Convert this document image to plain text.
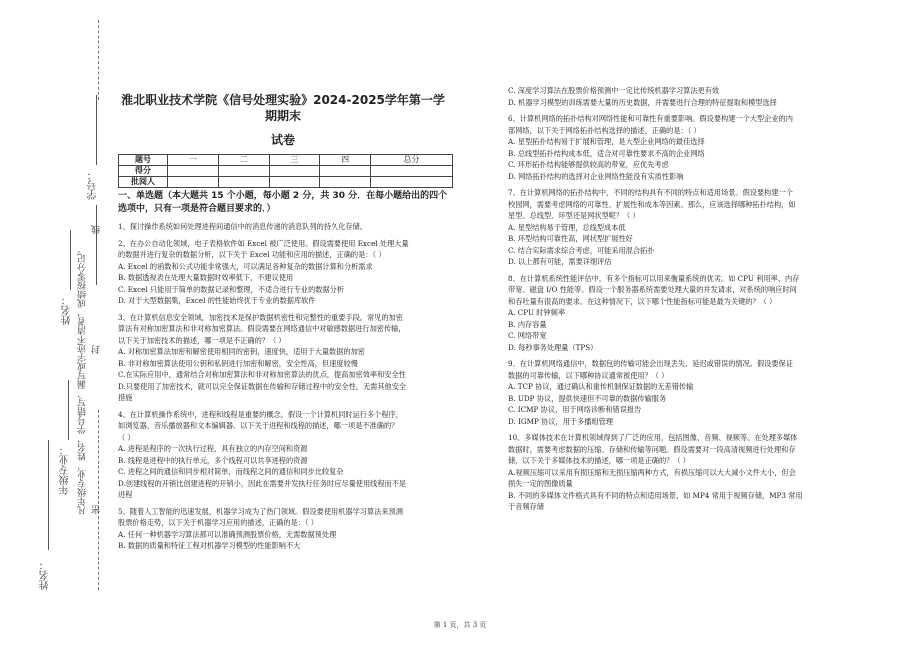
学号：
姓名：
年级专业： 凡年级专业、姓名、学号错写、漏写或字迹不清者，成绩按零分记。
线
封
密
姓名：
淮北职业技术学院《信号处理实验》2024-2025学年第一学期期末
试卷
题号	一	二	三	四	总分
得分					
批阅人					
一、单选题（本大题共 15 个小题，每小题 2 分，共 30 分．在每小题给出的四个
选项中，只有一项是符合题目要求的．）
1、探讨操作系统如何处理进程间通信中的消息传递的消息队列的持久化存储。
2、在办公自动化领域，电子表格软件如 Excel 被广泛使用。假设需要使用 Excel 处理大量
的数据并进行复杂的数据分析，以下关于 Excel 功能和应用的描述，正确的是：（ ）
A. Excel 的函数和公式功能非常强大，可以满足各种复杂的数据计算和分析需求
B. 数据透视表在处理大量数据时效率低下，不建议使用
C. Excel 只能用于简单的数据记录和整理，不适合进行专业的数据分析
D. 对于大型数据集，Excel 的性能始终优于专业的数据库软件
3、在计算机信息安全领域，加密技术是保护数据机密性和完整性的重要手段。常见的加密
算法有对称加密算法和非对称加密算法。假设需要在网络通信中对敏感数据进行加密传输，
以下关于加密技术的描述，哪一项是不正确的？（ ）
A. 对称加密算法加密和解密使用相同的密钥，速度快，适用于大量数据的加密
B. 非对称加密算法使用公钥和私钥进行加密和解密，安全性高，但速度较慢
C.在实际应用中，通常结合对称加密算法和非对称加密算法的优点，提高加密效率和安全性
D.只要使用了加密技术，就可以完全保证数据在传输和存储过程中的安全性，无需其他安全
措施
4、在计算机操作系统中，进程和线程是重要的概念。假设一个计算机同时运行多个程序，
如浏览器、音乐播放器和文本编辑器。以下关于进程和线程的描述，哪一项是不准确的？
（ ）
A. 进程是程序的一次执行过程，具有独立的内存空间和资源
B. 线程是进程中的执行单元，多个线程可以共享进程的资源
C. 进程之间的通信和同步相对简单，而线程之间的通信和同步比较复杂
D.创建线程的开销比创建进程的开销小，因此在需要并发执行任务时应尽量使用线程而不是
进程
5、随着人工智能的迅速发展，机器学习成为了热门领域。假设要使用机器学习算法来预测
股票价格走势，以下关于机器学习应用的描述，正确的是：（ ）
A. 任何一种机器学习算法都可以准确预测股票价格，无需数据预处理
B. 数据的质量和特征工程对机器学习模型的性能影响不大
C. 深度学习算法在股票价格预测中一定比传统机器学习算法更有效
D. 机器学习模型的训练需要大量的历史数据，并需要进行合理的特征提取和模型选择
6、计算机网络的拓扑结构对网络性能和可靠性有重要影响。假设要构建一个大型企业的内
部网络，以下关于网络拓扑结构选择的描述，正确的是：（ ）
A. 星型拓扑结构易于扩展和管理，是大型企业网络的最佳选择
B. 总线型拓扑结构成本低，适合对可靠性要求不高的企业网络
C. 环形拓扑结构能够提供较高的带宽，应优先考虑
D. 网络拓扑结构的选择对企业网络性能没有实质性影响
7、在计算机网络的拓扑结构中，不同的结构具有不同的特点和适用场景。假设要构建一个
校园网，需要考虑网络的可靠性、扩展性和成本等因素。那么，应该选择哪种拓扑结构，如
星型、总线型、环型还是网状型呢？（ ）
A. 星型结构易于管理，总线型成本低
B. 环型结构可靠性高，网状型扩展性好
C. 结合实际需求综合考虑，可能采用混合拓扑
D. 以上都有可能，需要详细评估
8、在计算机系统性能评估中，有多个指标可以用来衡量系统的优劣。如 CPU 利用率、内存
带宽、磁盘 I/O 性能等。假设一个服务器系统需要处理大量的并发请求，对系统的响应时间
和吞吐量有很高的要求。在这种情况下，以下哪个性能指标可能是最为关键的？（ ）
A. CPU 时钟频率
B. 内存容量
C. 网络带宽
D. 每秒事务处理量（TPS）
9、在计算机网络通信中，数据包的传输可能会出现丢失、延迟或错误的情况。假设要保证
数据的可靠传输，以下哪种协议通常被使用？（ ）
A. TCP 协议，通过确认和重传机制保证数据的无差错传输
B. UDP 协议，提供快速但不可靠的数据传输服务
C. ICMP 协议，用于网络诊断和错误报告
D. IGMP 协议，用于多播组管理
10、多媒体技术在计算机领域得到了广泛的应用，包括图像、音频、视频等。在处理多媒体
数据时，需要考虑数据的压缩、存储和传输等问题。假设需要对一段高清视频进行处理和存
储，以下关于多媒体技术的描述，哪一项是正确的？（ ）
A.视频压缩可以采用有损压缩和无损压缩两种方式，有损压缩可以大大减小文件大小，但会
损失一定的图像质量
B. 不同的多媒体文件格式具有不同的特点和适用场景，如 MP4 常用于视频存储，MP3 常用
于音频存储
第 1 页，共 3 页
